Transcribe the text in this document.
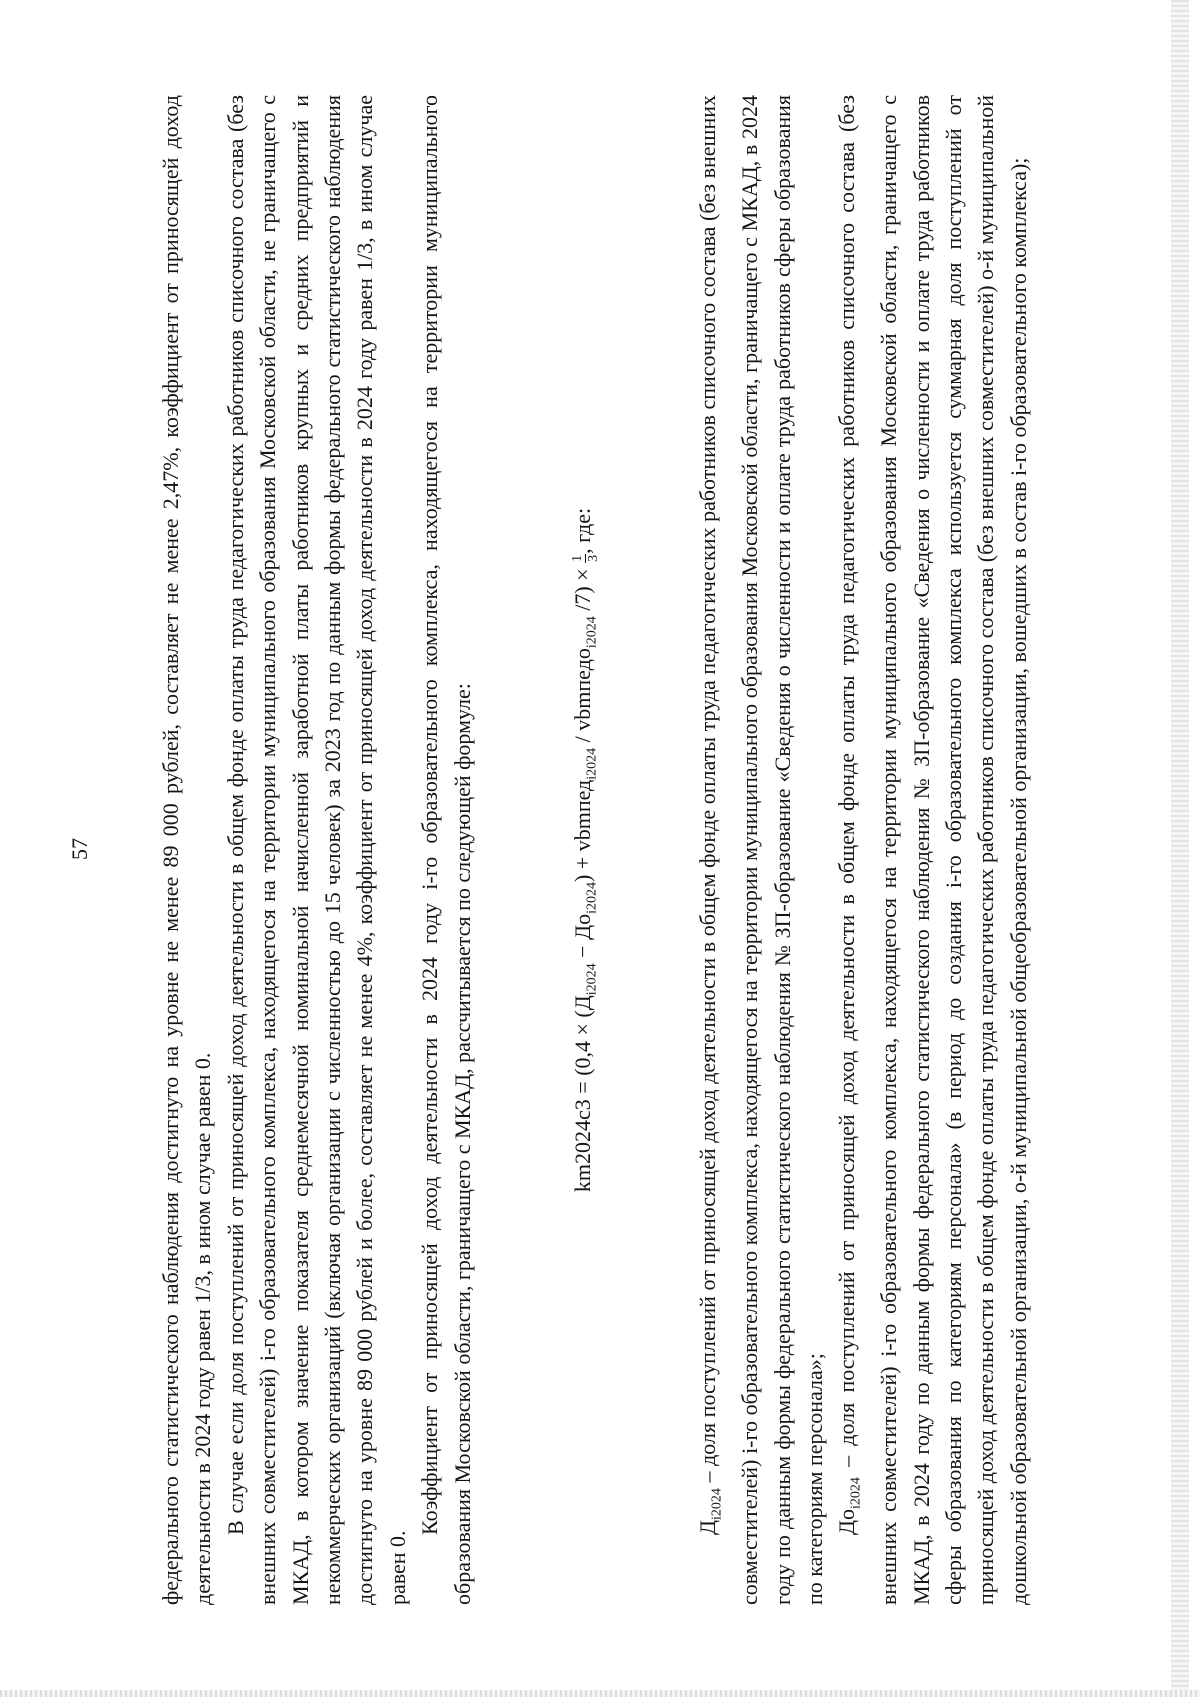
57	федерального статистического наблюдения достигнуто на уровне не менее 89 000 рублей, составляет не менее 2,47%, коэффициент от приносящей доход деятельности в 2024 году равен 1/3, в ином случае равен 0. В случае если доля поступлений от приносящей доход деятельности в общем фонде оплаты труда педагогических работников списочного состава (без внешних совместителей) i-го образовательного комплекса, находящегося на территории муниципального образования Московской области, не граничащего с МКАД, в котором значение показателя среднемесячной номинальной начисленной заработной платы работников крупных и средних предприятий и некоммерческих организаций (включая организации с численностью до 15 человек) за 2023 год по данным формы федерального статистического наблюдения достигнуто на уровне 89 000 рублей и более, составляет не менее 4%, коэффициент от приносящей доход деятельности в 2024 году равен 1/3, в ином случае равен 0.

Коэффициент от приносящей доход деятельности в 2024 году i-го образовательного комплекса, находящегося на территории муниципального образования Московской области, граничащего с МКАД, рассчитывается по следующей формуле:	$km2024c3 = (0,4 \times (Д_{i2024} - До_{i2024})$ + vbmпед$_{i2024}$ / vbmпедо$_{i2024}$ /7) ×
1 3
, где:

$Д_{i2024}$ – доля поступлений от приносящей доход деятельности в общем фонде оплаты труда педагогических работников списочного состава (без внешних совместителей) i-го образовательного комплекса, находящегося на территории муниципального образования Московской области, граничащего с МКАД, в 2024 году по данным формы федерального статистического наблюдения № ЗП-образование «Сведения о численности и оплате труда работников сферы образования по категориям персонала»; $До_{i2024}$ – доля поступлений от приносящей доход деятельности в общем фонде оплаты труда педагогических работников списочного состава (без внешних совместителей) i-го образовательного комплекса, находящегося на территории муниципального образования Московской области, граничащего с МКАД, в 2024 году по данным формы федерального статистического наблюдения № ЗП-образование «Сведения о численности и оплате труда работников сферы образования по категориям персонала» (в период до создания i-го образовательного комплекса используется суммарная доля поступлений от приносящей доход деятельности в общем фонде оплаты труда педагогических работников списочного состава (без внешних совместителей) о-й муниципальной дошкольной образовательной организации, о-й муниципальной общеобразовательной организации, вошедших в состав i-го образовательного комплекса);
